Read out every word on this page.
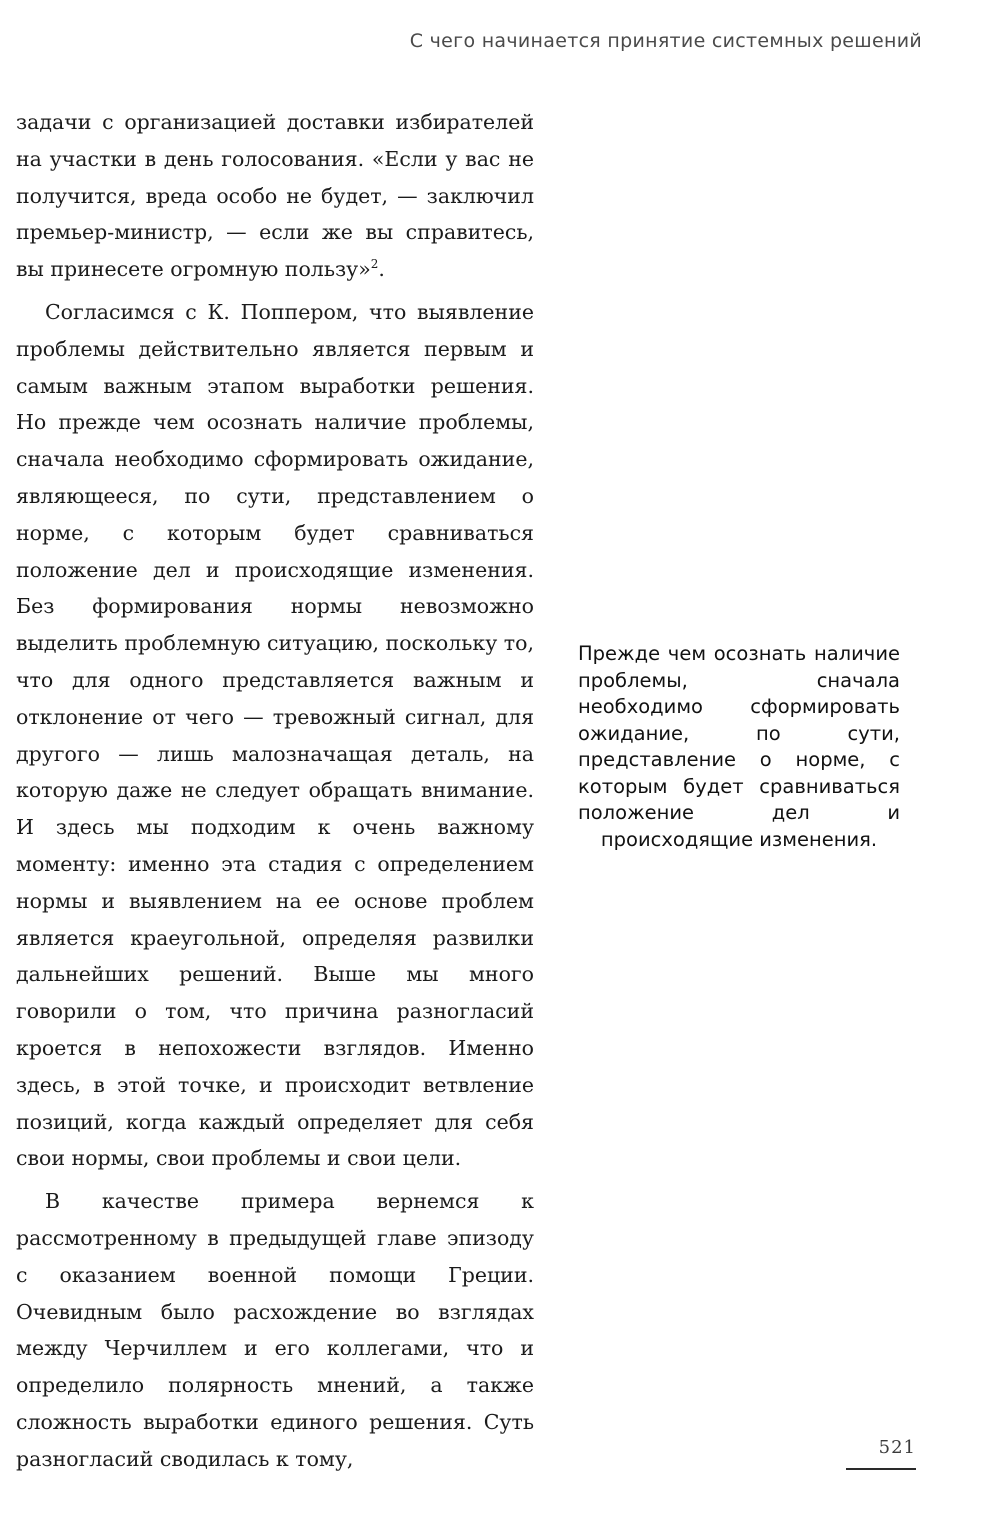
С чего начинается принятие системных решений

задачи с организацией доставки избирателей на участки в день голосования. «Если у вас не получится, вреда особо не будет, — заключил премьер-министр, — если же вы справитесь, вы принесете огромную пользу»$^2$.

Согласимся с К. Поппером, что выявление проблемы действительно является первым и самым важным этапом выработки решения. Но прежде чем осознать наличие проблемы, сначала необходимо сформировать ожидание, являющееся, по сути, представлением о норме, с которым будет сравниваться положение дел и происходящие изменения. Без формирования нормы невозможно выделить проблемную ситуацию, поскольку то, что для одного представляется важным и отклонение от чего — тревожный сигнал, для другого — лишь малозначащая деталь, на которую даже не следует обращать внимание. И здесь мы подходим к очень важному моменту: именно эта стадия с определением нормы и выявлением на ее основе проблем является краеугольной, определяя развилки дальнейших решений. Выше мы много говорили о том, что причина разногласий кроется в непохожести взглядов. Именно здесь, в этой точке, и происходит ветвление позиций, когда каждый определяет для себя свои нормы, свои проблемы и свои цели.

В качестве примера вернемся к рассмотренному в предыдущей главе эпизоду с оказанием военной помощи Греции. Очевидным было расхождение во взглядах между Черчиллем и его коллегами, что и определило полярность мнений, а также сложность выработки единого решения. Суть разногласий сводилась к тому,

Прежде чем осознать наличие проблемы, сначала необходимо сформировать ожидание, по сути, представление о норме, с которым будет сравниваться положение дел и происходящие изменения.
521
